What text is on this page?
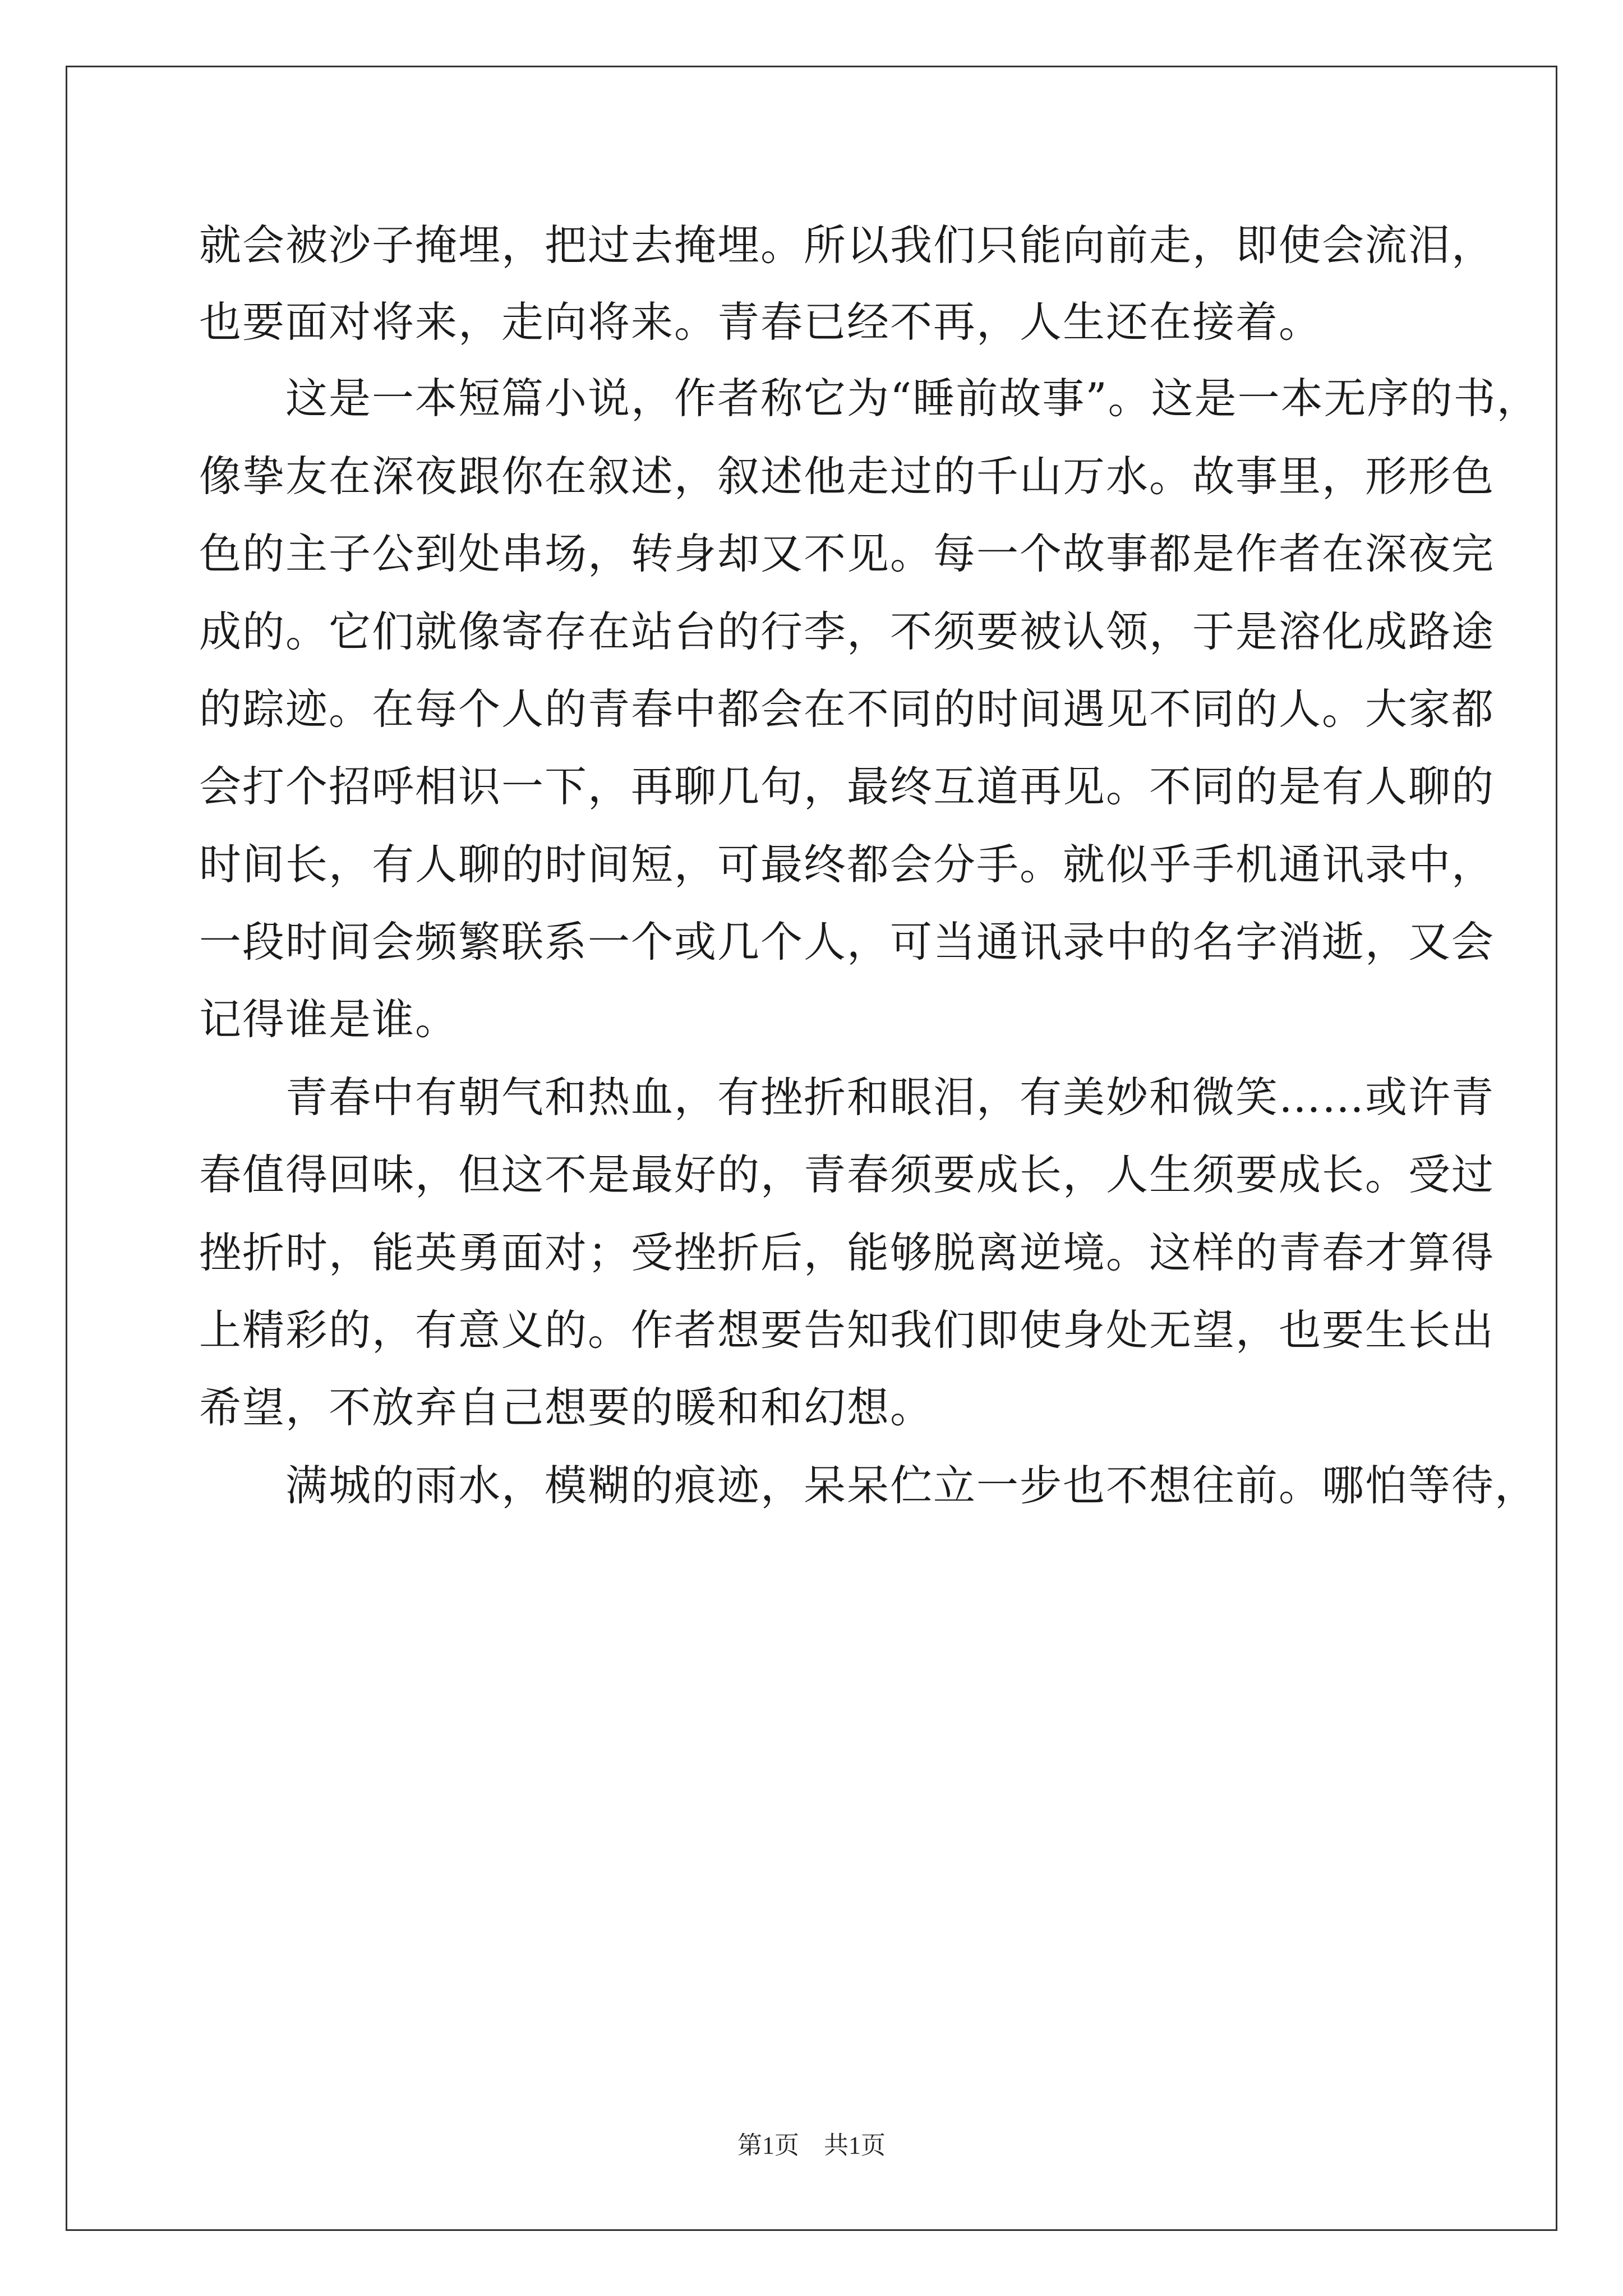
就会被沙子掩埋，把过去掩埋。所以我们只能向前走，即使会流泪，
也要面对将来，走向将来。青春已经不再，人生还在接着。
　　这是一本短篇小说，作者称它为“睡前故事”。这是一本无序的书，
像挚友在深夜跟你在叙述，叙述他走过的千山万水。故事里，形形色
色的主子公到处串场，转身却又不见。每一个故事都是作者在深夜完
成的。它们就像寄存在站台的行李，不须要被认领，于是溶化成路途
的踪迹。在每个人的青春中都会在不同的时间遇见不同的人。大家都
会打个招呼相识一下，再聊几句，最终互道再见。不同的是有人聊的
时间长，有人聊的时间短，可最终都会分手。就似乎手机通讯录中，
一段时间会频繁联系一个或几个人，可当通讯录中的名字消逝，又会
记得谁是谁。
　　青春中有朝气和热血，有挫折和眼泪，有美妙和微笑……或许青
春值得回味，但这不是最好的，青春须要成长，人生须要成长。受过
挫折时，能英勇面对；受挫折后，能够脱离逆境。这样的青春才算得
上精彩的，有意义的。作者想要告知我们即使身处无望，也要生长出
希望，不放弃自己想要的暖和和幻想。
　　满城的雨水，模糊的痕迹，呆呆伫立一步也不想往前。哪怕等待，
第1页　共1页
